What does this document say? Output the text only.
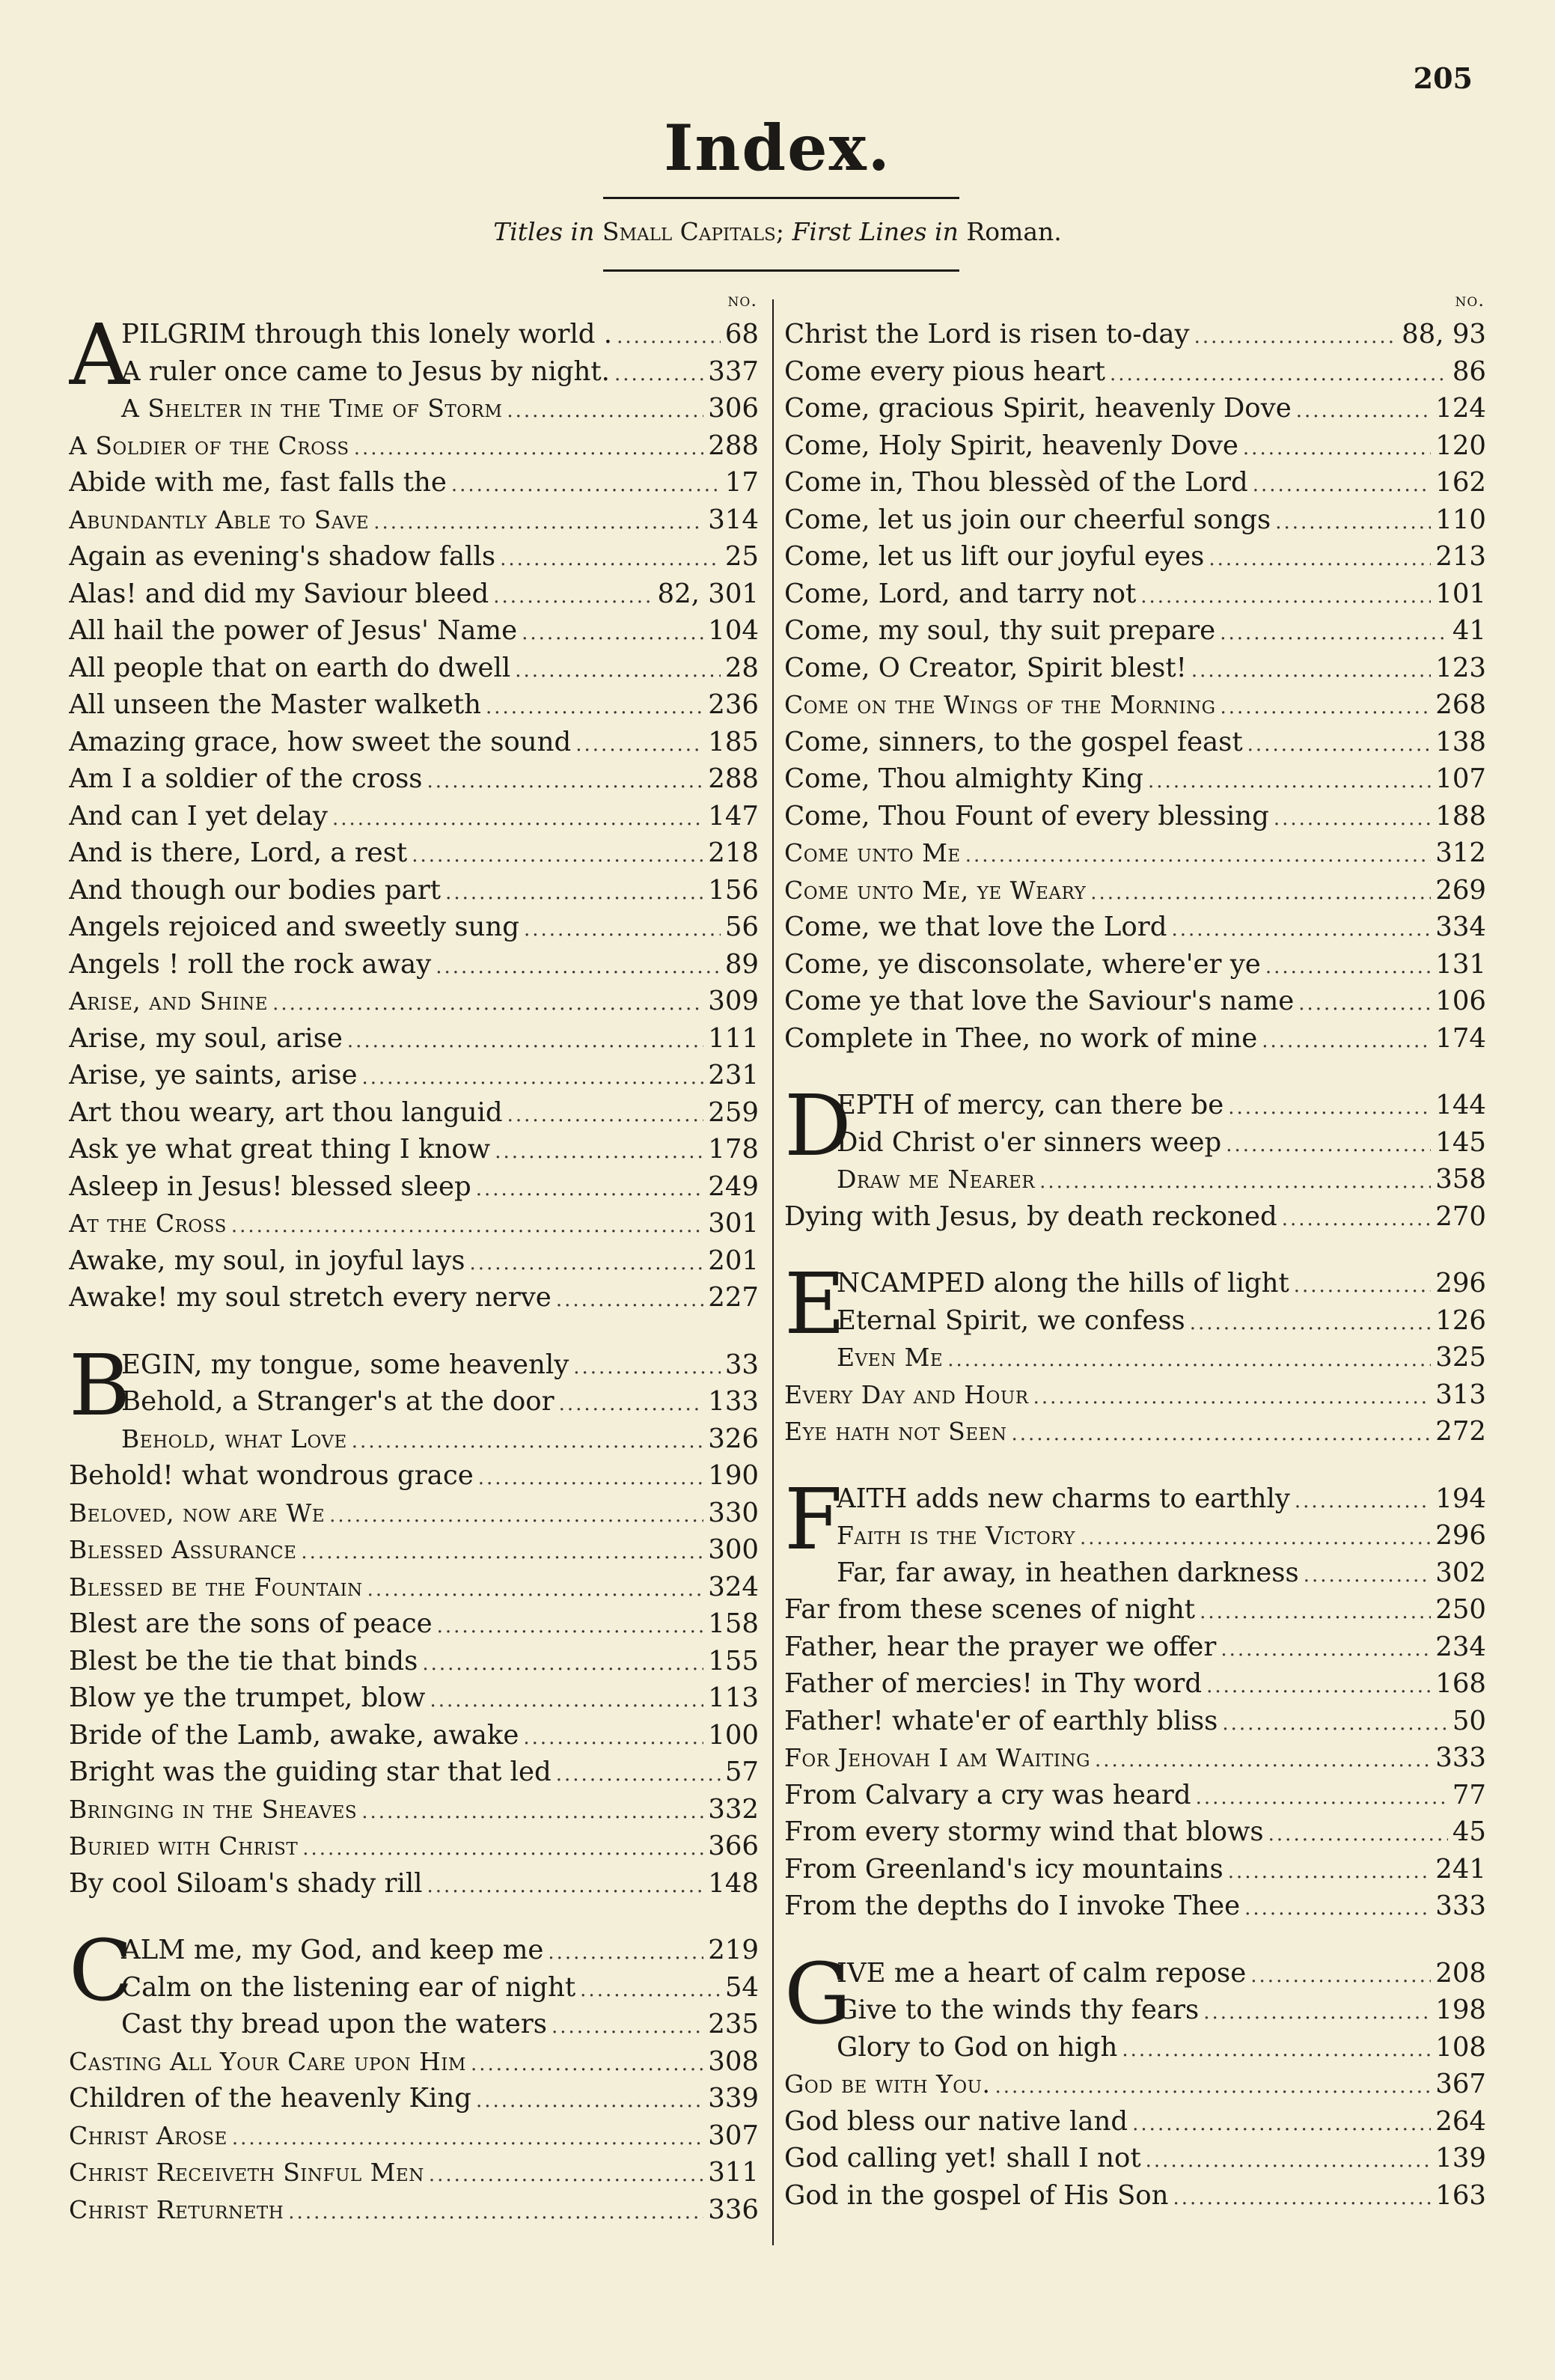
205
Index.
Titles in Small Capitals; First Lines in Roman.
no.
A
PILGRIM through this lonely world . .....	68
A ruler once came to Jesus by night. .....	337
A Shelter in the Time of Storm .....	306
A Soldier of the Cross .....	288
Abide with me, fast falls the .....	17
Abundantly Able to Save .....	314
Again as evening's shadow falls .....	25
Alas! and did my Saviour bleed .....	82, 301
All hail the power of Jesus' Name .....	104
All people that on earth do dwell .....	28
All unseen the Master walketh .....	236
Amazing grace, how sweet the sound .....	185
Am I a soldier of the cross .....	288
And can I yet delay .....	147
And is there, Lord, a rest .....	218
And though our bodies part .....	156
Angels rejoiced and sweetly sung .....	56
Angels ! roll the rock away .....	89
Arise, and Shine .....	309
Arise, my soul, arise .....	111
Arise, ye saints, arise .....	231
Art thou weary, art thou languid .....	259
Ask ye what great thing I know .....	178
Asleep in Jesus! blessed sleep .....	249
At the Cross .....	301
Awake, my soul, in joyful lays .....	201
Awake! my soul stretch every nerve .....	227
B
EGIN, my tongue, some heavenly .....	33
Behold, a Stranger's at the door .....	133
Behold, what Love .....	326
Behold! what wondrous grace .....	190
Beloved, now are We .....	330
Blessed Assurance .....	300
Blessed be the Fountain .....	324
Blest are the sons of peace .....	158
Blest be the tie that binds .....	155
Blow ye the trumpet, blow .....	113
Bride of the Lamb, awake, awake .....	100
Bright was the guiding star that led .....	57
Bringing in the Sheaves .....	332
Buried with Christ .....	366
By cool Siloam's shady rill .....	148
C
ALM me, my God, and keep me .....	219
Calm on the listening ear of night .....	54
Cast thy bread upon the waters .....	235
Casting All Your Care upon Him .....	308
Children of the heavenly King .....	339
Christ Arose .....	307
Christ Receiveth Sinful Men .....	311
Christ Returneth .....	336
no.
Christ the Lord is risen to-day .....	88, 93
Come every pious heart .....	86
Come, gracious Spirit, heavenly Dove .....	124
Come, Holy Spirit, heavenly Dove .....	120
Come in, Thou blessèd of the Lord .....	162
Come, let us join our cheerful songs .....	110
Come, let us lift our joyful eyes .....	213
Come, Lord, and tarry not .....	101
Come, my soul, thy suit prepare .....	41
Come, O Creator, Spirit blest! .....	123
Come on the Wings of the Morning .....	268
Come, sinners, to the gospel feast .....	138
Come, Thou almighty King .....	107
Come, Thou Fount of every blessing .....	188
Come unto Me .....	312
Come unto Me, ye Weary .....	269
Come, we that love the Lord .....	334
Come, ye disconsolate, where'er ye .....	131
Come ye that love the Saviour's name .....	106
Complete in Thee, no work of mine .....	174
D
EPTH of mercy, can there be .....	144
Did Christ o'er sinners weep .....	145
Draw me Nearer .....	358
Dying with Jesus, by death reckoned .....	270
E
NCAMPED along the hills of light .....	296
Eternal Spirit, we confess .....	126
Even Me .....	325
Every Day and Hour .....	313
Eye hath not Seen .....	272
F
AITH adds new charms to earthly .....	194
Faith is the Victory .....	296
Far, far away, in heathen darkness .....	302
Far from these scenes of night .....	250
Father, hear the prayer we offer .....	234
Father of mercies! in Thy word .....	168
Father! whate'er of earthly bliss .....	50
For Jehovah I am Waiting .....	333
From Calvary a cry was heard .....	77
From every stormy wind that blows .....	45
From Greenland's icy mountains .....	241
From the depths do I invoke Thee .....	333
G
IVE me a heart of calm repose .....	208
Give to the winds thy fears .....	198
Glory to God on high .....	108
God be with You. .....	367
God bless our native land .....	264
God calling yet! shall I not .....	139
God in the gospel of His Son .....	163
